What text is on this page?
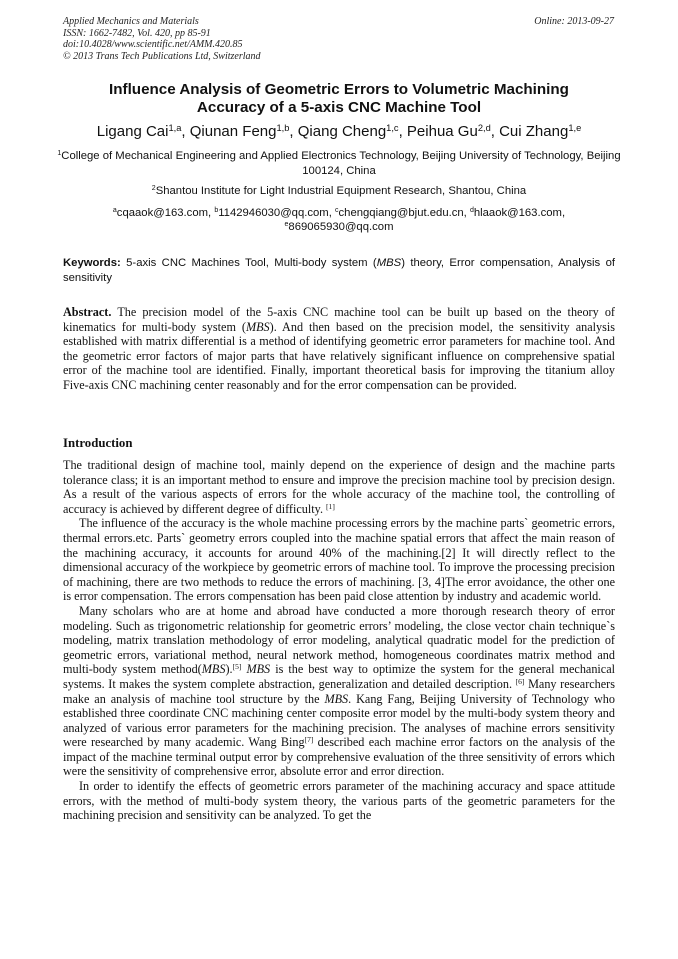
Applied Mechanics and Materials
ISSN: 1662-7482, Vol. 420, pp 85-91
doi:10.4028/www.scientific.net/AMM.420.85
© 2013 Trans Tech Publications Ltd, Switzerland
Online: 2013-09-27
Influence Analysis of Geometric Errors to Volumetric Machining
Accuracy of a 5-axis CNC Machine Tool
Ligang Cai$^{1,a}$, Qiunan Feng$^{1,b}$, Qiang Cheng$^{1,c}$, Peihua Gu$^{2,d}$, Cui Zhang$^{1,e}$
$^1$College of Mechanical Engineering and Applied Electronics Technology, Beijing University of Technology, Beijing 100124, China
$^2$Shantou Institute for Light Industrial Equipment Research, Shantou, China
$^a$cqaaok@163.com, $^b$1142946030@qq.com, $^c$chengqiang@bjut.edu.cn, $^d$hlaaok@163.com,
$^e$869065930@qq.com
Keywords: 5-axis CNC Machines Tool, Multi-body system (MBS) theory, Error compensation, Analysis of sensitivity
Abstract. The precision model of the 5-axis CNC machine tool can be built up based on the theory of kinematics for multi-body system (MBS). And then based on the precision model, the sensitivity analysis established with matrix differential is a method of identifying geometric error parameters for machine tool. And the geometric error factors of major parts that have relatively significant influence on comprehensive spatial error of the machine tool are identified. Finally, important theoretical basis for improving the titanium alloy Five-axis CNC machining center reasonably and for the error compensation can be provided.
Introduction

The traditional design of machine tool, mainly depend on the experience of design and the machine parts tolerance class; it is an important method to ensure and improve the precision machine tool by precision design. As a result of the various aspects of errors for the whole accuracy of the machine tool, the controlling of accuracy is achieved by different degree of difficulty. [1]

The influence of the accuracy is the whole machine processing errors by the machine parts` geometric errors, thermal errors.etc. Parts` geometry errors coupled into the machine spatial errors that affect the main reason of the machining accuracy, it accounts for around 40% of the machining.[2] It will directly reflect to the dimensional accuracy of the workpiece by geometric errors of machine tool. To improve the processing precision of machining, there are two methods to reduce the errors of machining. [3, 4]The error avoidance, the other one is error compensation. The errors compensation has been paid close attention by industry and academic world.

Many scholars who are at home and abroad have conducted a more thorough research theory of error modeling. Such as trigonometric relationship for geometric errors’ modeling, the close vector chain technique`s modeling, matrix translation methodology of error modeling, analytical quadratic model for the prediction of geometric errors, variational method, neural network method, homogeneous coordinates matrix method and multi-body system method(MBS).[5] MBS is the best way to optimize the system for the general mechanical systems. It makes the system complete abstraction, generalization and detailed description. [6] Many researchers make an analysis of machine tool structure by the MBS. Kang Fang, Beijing University of Technology who established three coordinate CNC machining center composite error model by the multi-body system theory and analyzed of various error parameters for the machining precision. The analyses of machine errors sensitivity were researched by many academic. Wang Bing[7] described each machine error factors on the analysis of the impact of the machine terminal output error by comprehensive evaluation of the three sensitivity of errors which were the sensitivity of comprehensive error, absolute error and error direction.

In order to identify the effects of geometric errors parameter of the machining accuracy and space attitude errors, with the method of multi-body system theory, the various parts of the geometric parameters for the machining precision and sensitivity can be analyzed. To get the
